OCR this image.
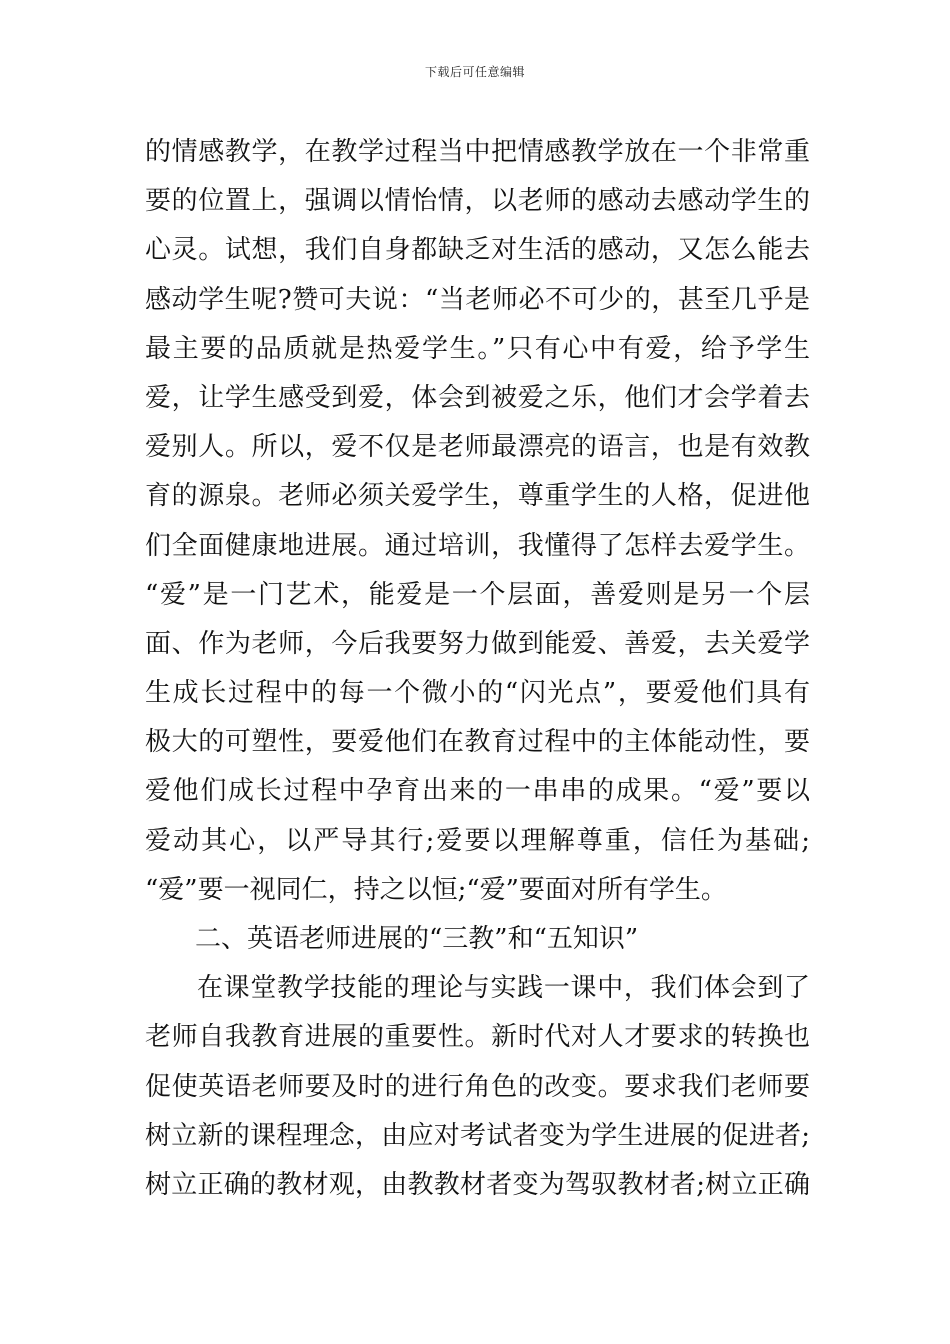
下载后可任意编辑
的情感教学，在教学过程当中把情感教学放在一个非常重
要的位置上，强调以情怡情，以老师的感动去感动学生的
心灵。试想，我们自身都缺乏对生活的感动，又怎么能去
感动学生呢?赞可夫说：“当老师必不可少的，甚至几乎是
最主要的品质就是热爱学生。”只有心中有爱，给予学生
爱，让学生感受到爱，体会到被爱之乐，他们才会学着去
爱别人。所以，爱不仅是老师最漂亮的语言，也是有效教
育的源泉。老师必须关爱学生，尊重学生的人格，促进他
们全面健康地进展。通过培训，我懂得了怎样去爱学生。
“爱”是一门艺术，能爱是一个层面，善爱则是另一个层
面、作为老师，今后我要努力做到能爱、善爱，去关爱学
生成长过程中的每一个微小的“闪光点”，要爱他们具有
极大的可塑性，要爱他们在教育过程中的主体能动性，要
爱他们成长过程中孕育出来的一串串的成果。“爱”要以
爱动其心，以严导其行;爱要以理解尊重，信任为基础;
“爱”要一视同仁，持之以恒;“爱”要面对所有学生。
二、英语老师进展的“三教”和“五知识”
在课堂教学技能的理论与实践一课中，我们体会到了
老师自我教育进展的重要性。新时代对人才要求的转换也
促使英语老师要及时的进行角色的改变。要求我们老师要
树立新的课程理念，由应对考试者变为学生进展的促进者;
树立正确的教材观，由教教材者变为驾驭教材者;树立正确
